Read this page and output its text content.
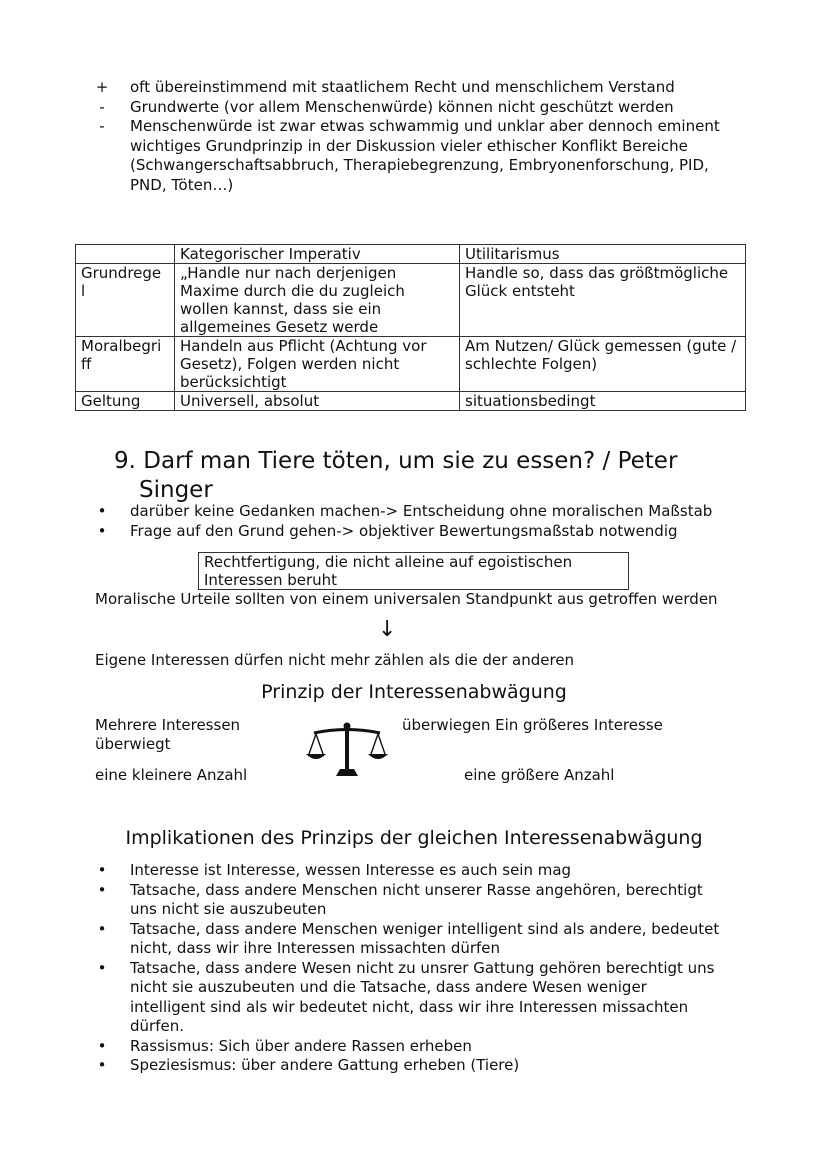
+ oft übereinstimmend mit staatlichem Recht und menschlichem Verstand
- Grundwerte (vor allem Menschenwürde) können nicht geschützt werden
- Menschenwürde ist zwar etwas schwammig und unklar aber dennoch eminent wichtiges Grundprinzip in der Diskussion vieler ethischer Konflikt Bereiche (Schwangerschaftsabbruch, Therapiebegrenzung, Embryonenforschung, PID, PND, Töten…)
	Kategorischer Imperativ	Utilitarismus
Grundrege l	„Handle nur nach derjenigen Maxime durch die du zugleich wollen kannst, dass sie ein allgemeines Gesetz werde	Handle so, dass das größtmögliche Glück entsteht
Moralbegri ff	Handeln aus Pflicht (Achtung vor Gesetz), Folgen werden nicht berücksichtigt	Am Nutzen/ Glück gemessen (gute / schlechte Folgen)
Geltung	Universell, absolut	situationsbedingt
9. Darf man Tiere töten, um sie zu essen? / Peter
Singer
• darüber keine Gedanken machen-> Entscheidung ohne moralischen Maßstab
• Frage auf den Grund gehen-> objektiver Bewertungsmaßstab notwendig
Rechtfertigung, die nicht alleine auf egoistischen Interessen beruht
Moralische Urteile sollten von einem universalen Standpunkt aus getroffen werden
↓
Eigene Interessen dürfen nicht mehr zählen als die der anderen
Prinzip der Interessenabwägung
Mehrere Interessen überwiegt
überwiegen Ein größeres Interesse
eine kleinere Anzahl	eine größere Anzahl
Implikationen des Prinzips der gleichen Interessenabwägung
• Interesse ist Interesse, wessen Interesse es auch sein mag
• Tatsache, dass andere Menschen nicht unserer Rasse angehören, berechtigt uns nicht sie auszubeuten
• Tatsache, dass andere Menschen weniger intelligent sind als andere, bedeutet nicht, dass wir ihre Interessen missachten dürfen
• Tatsache, dass andere Wesen nicht zu unsrer Gattung gehören berechtigt uns nicht sie auszubeuten und die Tatsache, dass andere Wesen weniger intelligent sind als wir bedeutet nicht, dass wir ihre Interessen missachten dürfen.
• Rassismus: Sich über andere Rassen erheben
• Speziesismus: über andere Gattung erheben (Tiere)
